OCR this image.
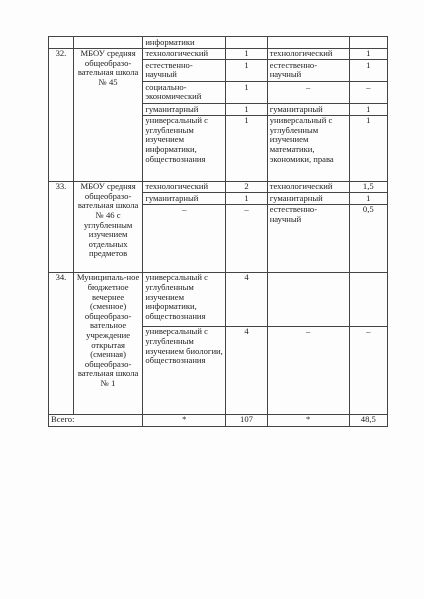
		информатики			
32.	МБОУ средняя общеобразо-вательная школа № 45	технологический	1	технологический	1
		естественно-научный	1	естественно-научный	1
		социально-экономический	1	–	–
		гуманитарный	1	гуманитарный	1
		универсальный с углубленным изучением информатики, обществознания	1	универсальный с углубленным изучением математики, экономики, права	1
33.	МБОУ средняя общеобразо-вательная школа № 46 с углубленным изучением отдельных предметов	технологический	2	технологический	1,5
		гуманитарный	1	гуманитарный	1
		–	–	естественно-научный	0,5
34.	Муниципаль-ное бюджетное вечернее (сменное) общеобразо-вательное учреждение открытая (сменная) общеобразо-вательная школа № 1	универсальный с углубленным изучением информатики, обществознания	4		
		универсальный с углубленным изучением биологии, обществознания	4	–	–
Всего:		*	107	*	48,5
